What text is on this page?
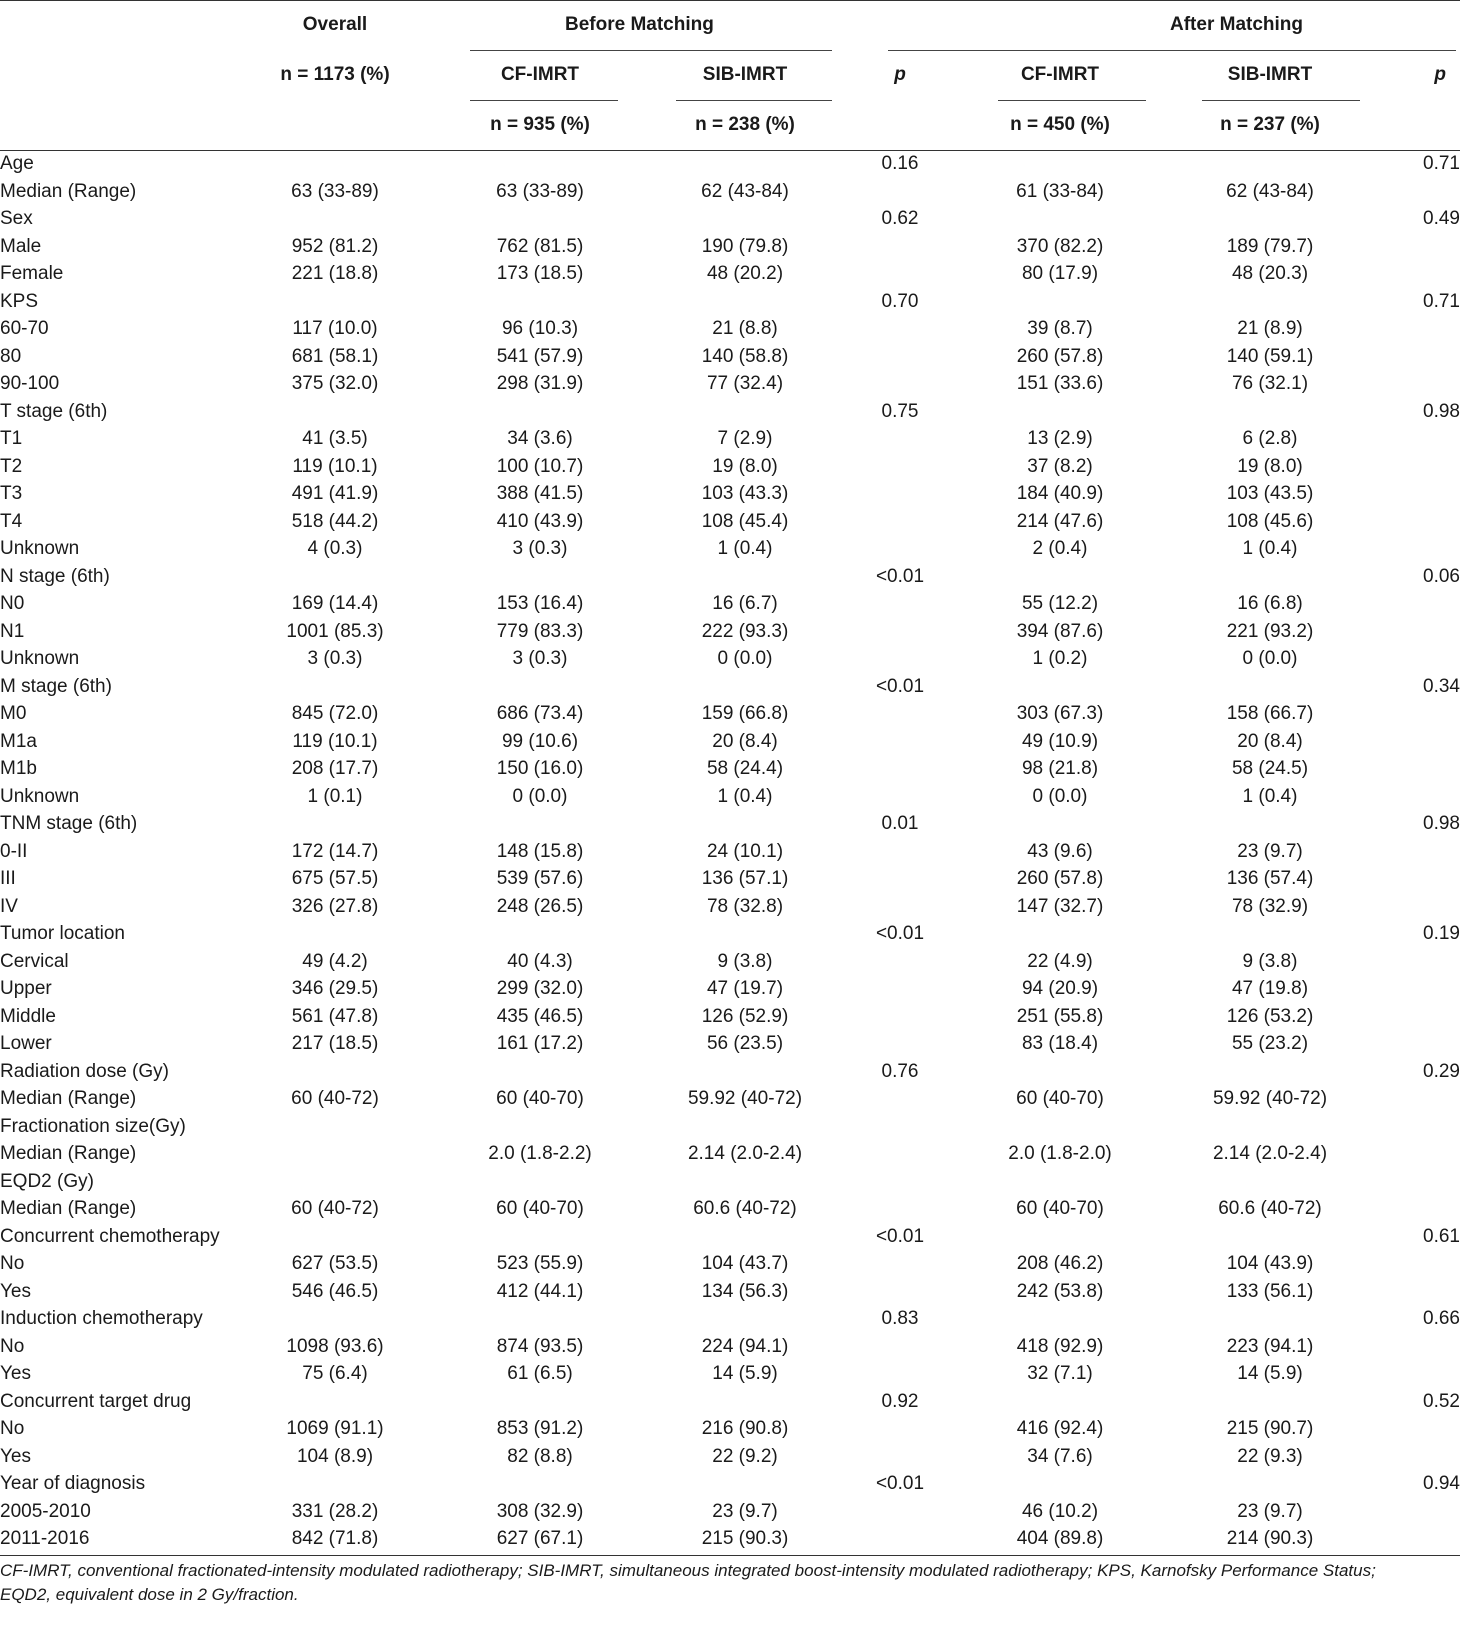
	Overall	Before Matching			After Matching		
	n = 1173 (%)	CF-IMRT	SIB-IMRT	p	CF-IMRT	SIB-IMRT	p
		n = 935 (%)	n = 238 (%)		n = 450 (%)	n = 237 (%)	
Age				0.16			0.71
Median (Range)	63 (33-89)	63 (33-89)	62 (43-84)		61 (33-84)	62 (43-84)	
Sex				0.62			0.49
Male	952 (81.2)	762 (81.5)	190 (79.8)		370 (82.2)	189 (79.7)	
Female	221 (18.8)	173 (18.5)	48 (20.2)		80 (17.9)	48 (20.3)	
KPS				0.70			0.71
60-70	117 (10.0)	96 (10.3)	21 (8.8)		39 (8.7)	21 (8.9)	
80	681 (58.1)	541 (57.9)	140 (58.8)		260 (57.8)	140 (59.1)	
90-100	375 (32.0)	298 (31.9)	77 (32.4)		151 (33.6)	76 (32.1)	
T stage (6th)				0.75			0.98
T1	41 (3.5)	34 (3.6)	7 (2.9)		13 (2.9)	6 (2.8)	
T2	119 (10.1)	100 (10.7)	19 (8.0)		37 (8.2)	19 (8.0)	
T3	491 (41.9)	388 (41.5)	103 (43.3)		184 (40.9)	103 (43.5)	
T4	518 (44.2)	410 (43.9)	108 (45.4)		214 (47.6)	108 (45.6)	
Unknown	4 (0.3)	3 (0.3)	1 (0.4)		2 (0.4)	1 (0.4)	
N stage (6th)				<0.01			0.06
N0	169 (14.4)	153 (16.4)	16 (6.7)		55 (12.2)	16 (6.8)	
N1	1001 (85.3)	779 (83.3)	222 (93.3)		394 (87.6)	221 (93.2)	
Unknown	3 (0.3)	3 (0.3)	0 (0.0)		1 (0.2)	0 (0.0)	
M stage (6th)				<0.01			0.34
M0	845 (72.0)	686 (73.4)	159 (66.8)		303 (67.3)	158 (66.7)	
M1a	119 (10.1)	99 (10.6)	20 (8.4)		49 (10.9)	20 (8.4)	
M1b	208 (17.7)	150 (16.0)	58 (24.4)		98 (21.8)	58 (24.5)	
Unknown	1 (0.1)	0 (0.0)	1 (0.4)		0 (0.0)	1 (0.4)	
TNM stage (6th)				0.01			0.98
0-II	172 (14.7)	148 (15.8)	24 (10.1)		43 (9.6)	23 (9.7)	
III	675 (57.5)	539 (57.6)	136 (57.1)		260 (57.8)	136 (57.4)	
IV	326 (27.8)	248 (26.5)	78 (32.8)		147 (32.7)	78 (32.9)	
Tumor location				<0.01			0.19
Cervical	49 (4.2)	40 (4.3)	9 (3.8)		22 (4.9)	9 (3.8)	
Upper	346 (29.5)	299 (32.0)	47 (19.7)		94 (20.9)	47 (19.8)	
Middle	561 (47.8)	435 (46.5)	126 (52.9)		251 (55.8)	126 (53.2)	
Lower	217 (18.5)	161 (17.2)	56 (23.5)		83 (18.4)	55 (23.2)	
Radiation dose (Gy)				0.76			0.29
Median (Range)	60 (40-72)	60 (40-70)	59.92 (40-72)		60 (40-70)	59.92 (40-72)	
Fractionation size(Gy)							
Median (Range)		2.0 (1.8-2.2)	2.14 (2.0-2.4)		2.0 (1.8-2.0)	2.14 (2.0-2.4)	
EQD2 (Gy)							
Median (Range)	60 (40-72)	60 (40-70)	60.6 (40-72)		60 (40-70)	60.6 (40-72)	
Concurrent chemotherapy				<0.01			0.61
No	627 (53.5)	523 (55.9)	104 (43.7)		208 (46.2)	104 (43.9)	
Yes	546 (46.5)	412 (44.1)	134 (56.3)		242 (53.8)	133 (56.1)	
Induction chemotherapy				0.83			0.66
No	1098 (93.6)	874 (93.5)	224 (94.1)		418 (92.9)	223 (94.1)	
Yes	75 (6.4)	61 (6.5)	14 (5.9)		32 (7.1)	14 (5.9)	
Concurrent target drug				0.92			0.52
No	1069 (91.1)	853 (91.2)	216 (90.8)		416 (92.4)	215 (90.7)	
Yes	104 (8.9)	82 (8.8)	22 (9.2)		34 (7.6)	22 (9.3)	
Year of diagnosis				<0.01			0.94
2005-2010	331 (28.2)	308 (32.9)	23 (9.7)		46 (10.2)	23 (9.7)	
2011-2016	842 (71.8)	627 (67.1)	215 (90.3)		404 (89.8)	214 (90.3)	
CF-IMRT, conventional fractionated-intensity modulated radiotherapy; SIB-IMRT, simultaneous integrated boost-intensity modulated radiotherapy; KPS, Karnofsky Performance Status;
EQD2, equivalent dose in 2 Gy/fraction.
